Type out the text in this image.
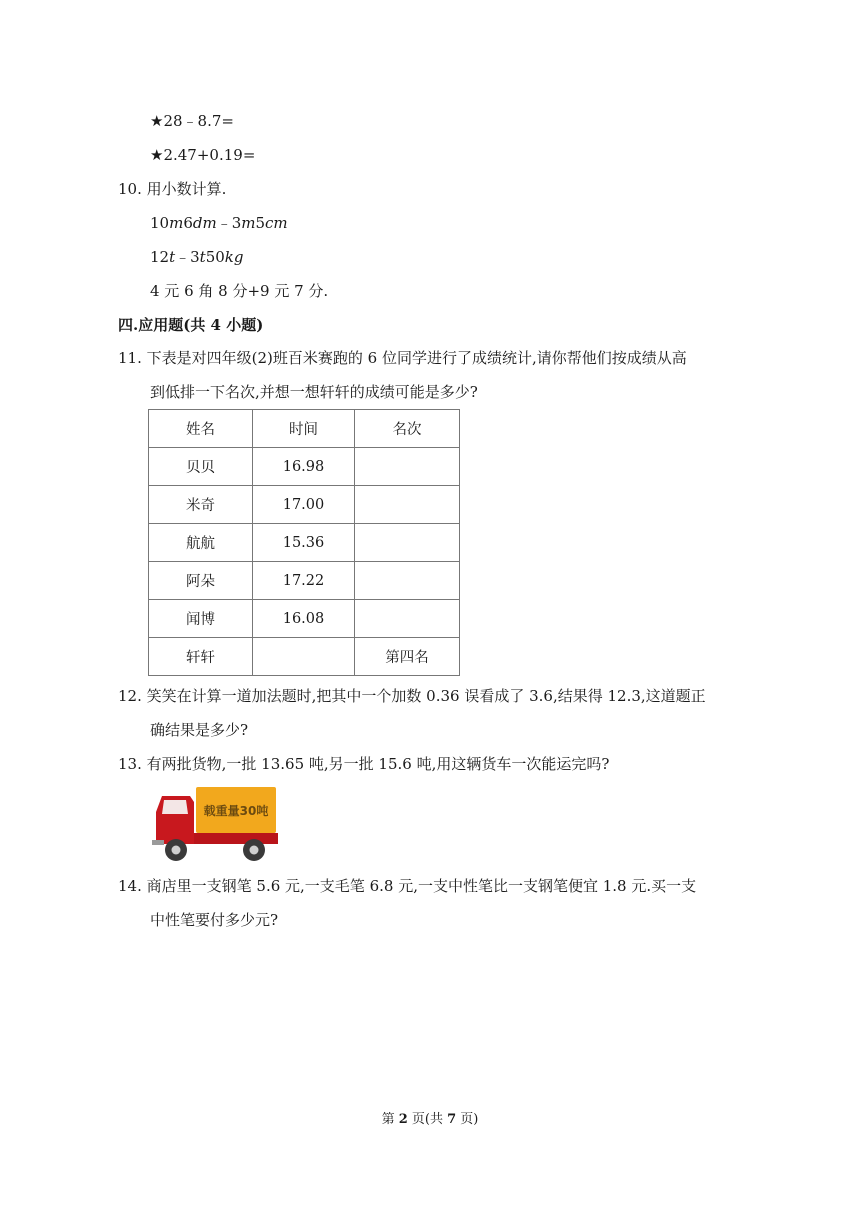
★28﹣8.7=
★2.47+0.19=
10. 用小数计算.
10m6dm﹣3m5cm
12t﹣3t50kg
4 元 6 角 8 分+9 元 7 分.
四.应用题(共 4 小题)
11. 下表是对四年级(2)班百米赛跑的 6 位同学进行了成绩统计,请你帮他们按成绩从高
到低排一下名次,并想一想轩轩的成绩可能是多少?
姓名	时间	名次
贝贝	16.98	
米奇	17.00	
航航	15.36	
阿朵	17.22	
闻博	16.08	
轩轩		第四名
12. 笑笑在计算一道加法题时,把其中一个加数 0.36 误看成了 3.6,结果得 12.3,这道题正
确结果是多少?
13. 有两批货物,一批 13.65 吨,另一批 15.6 吨,用这辆货车一次能运完吗?
载重量30吨
14. 商店里一支钢笔 5.6 元,一支毛笔 6.8 元,一支中性笔比一支钢笔便宜 1.8 元.买一支
中性笔要付多少元?
第 2 页(共 7 页)
